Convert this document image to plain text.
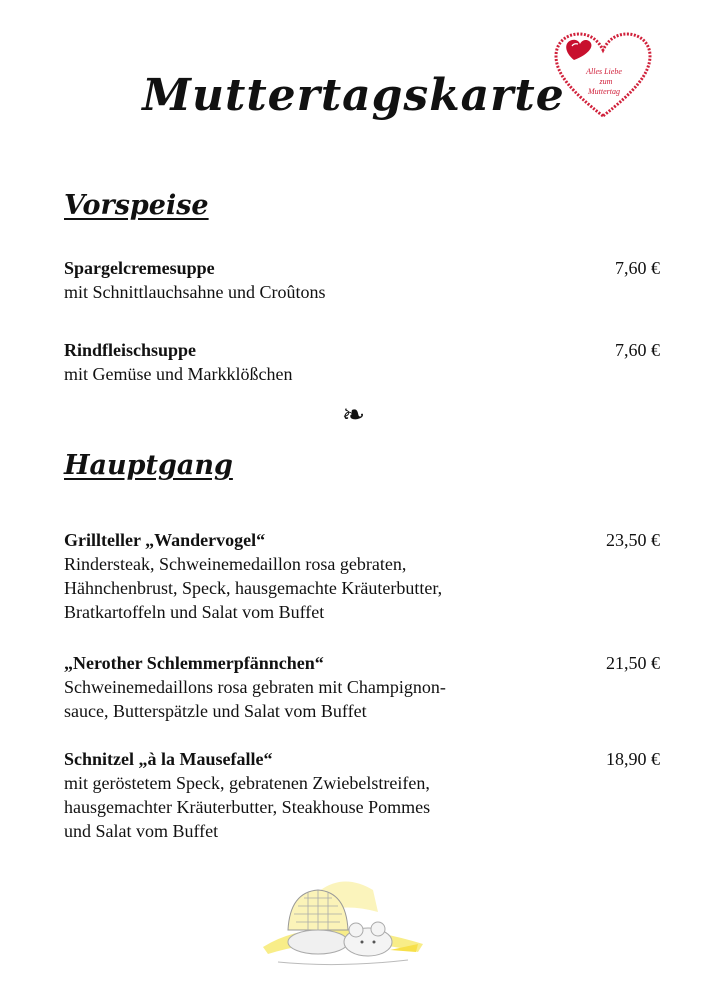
Muttertagskarte	Alles Liebe
zum
Muttertag
Vorspeise
Spargelcremesuppe	7,60 €
mit Schnittlauchsahne und Croûtons
Rindfleischsuppe	7,60 €
mit Gemüse und Markklößchen
❧
Hauptgang
Grillteller „Wandervogel“	23,50 €
Rindersteak, Schweinemedaillon rosa gebraten,
Hähnchenbrust, Speck, hausgemachte Kräuterbutter,
Bratkartoffeln und Salat vom Buffet
„Nerother Schlemmerpfännchen“	21,50 €
Schweinemedaillons rosa gebraten mit Champignon-
sauce, Butterspätzle und Salat vom Buffet
Schnitzel „à la Mausefalle“	18,90 €
mit geröstetem Speck, gebratenen Zwiebelstreifen,
hausgemachter Kräuterbutter, Steakhouse Pommes
und Salat vom Buffet
